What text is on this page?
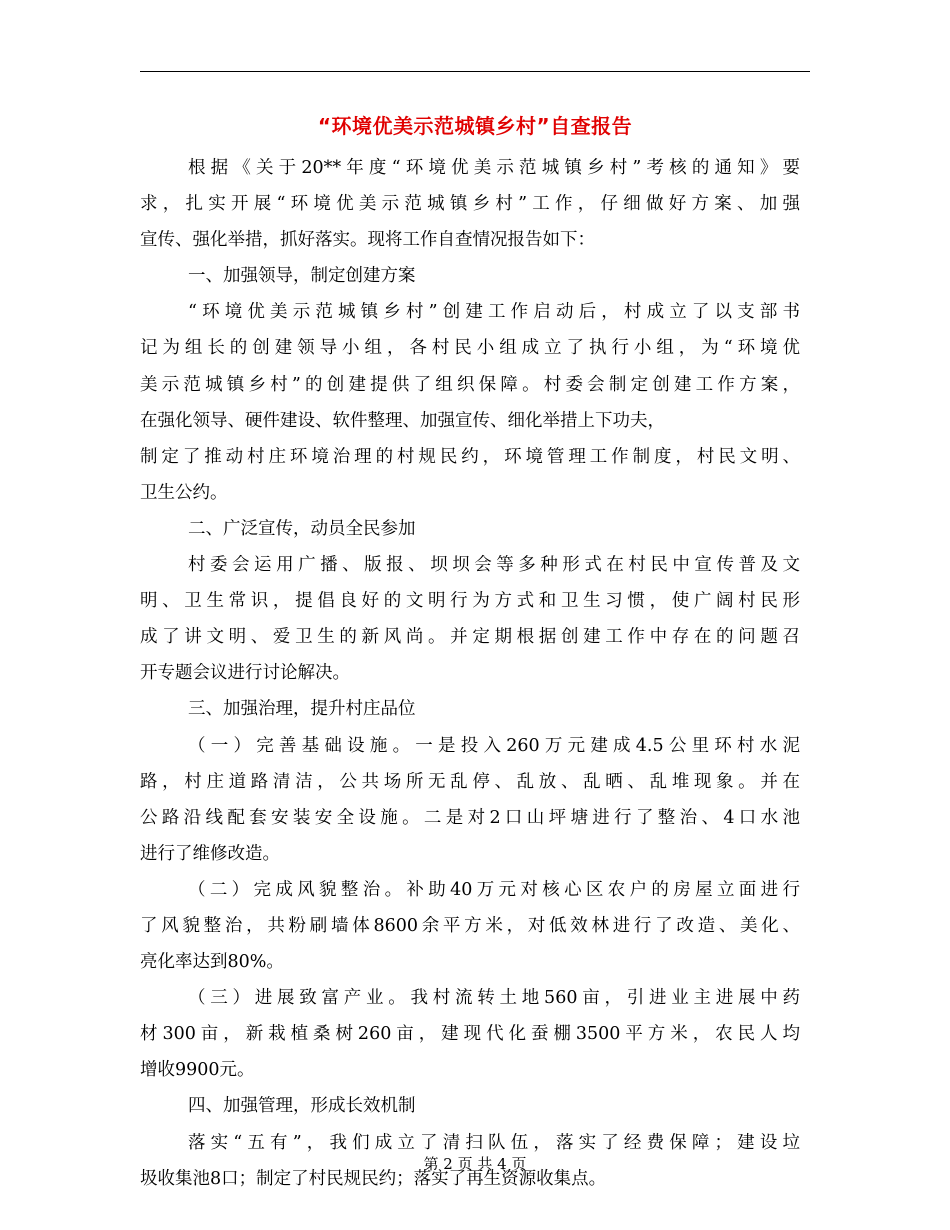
“环境优美示范城镇乡村”自查报告
根据《关于20**年度“环境优美示范城镇乡村”考核的通知》要
求，扎实开展“环境优美示范城镇乡村”工作，仔细做好方案、加强
宣传、强化举措，抓好落实。现将工作自查情况报告如下：
一、加强领导，制定创建方案
“环境优美示范城镇乡村”创建工作启动后，村成立了以支部书
记为组长的创建领导小组，各村民小组成立了执行小组，为“环境优
美示范城镇乡村”的创建提供了组织保障。村委会制定创建工作方案，
在强化领导、硬件建设、软件整理、加强宣传、细化举措上下功夫，
制定了推动村庄环境治理的村规民约，环境管理工作制度，村民文明、
卫生公约。
二、广泛宣传，动员全民参加
村委会运用广播、版报、坝坝会等多种形式在村民中宣传普及文
明、卫生常识，提倡良好的文明行为方式和卫生习惯，使广阔村民形
成了讲文明、爱卫生的新风尚。并定期根据创建工作中存在的问题召
开专题会议进行讨论解决。
三、加强治理，提升村庄品位
（一）完善基础设施。一是投入260万元建成4.5公里环村水泥
路，村庄道路清洁，公共场所无乱停、乱放、乱晒、乱堆现象。并在
公路沿线配套安装安全设施。二是对2口山坪塘进行了整治、4口水池
进行了维修改造。
（二）完成风貌整治。补助40万元对核心区农户的房屋立面进行
了风貌整治，共粉刷墙体8600余平方米，对低效林进行了改造、美化、
亮化率达到80%。
（三）进展致富产业。我村流转土地560亩，引进业主进展中药
材300亩，新栽植桑树260亩，建现代化蚕棚3500平方米，农民人均
增收9900元。
四、加强管理，形成长效机制
落实“五有”，我们成立了清扫队伍，落实了经费保障；建设垃
圾收集池8口；制定了村民规民约；落实了再生资源收集点。
第 2 页 共 4 页
